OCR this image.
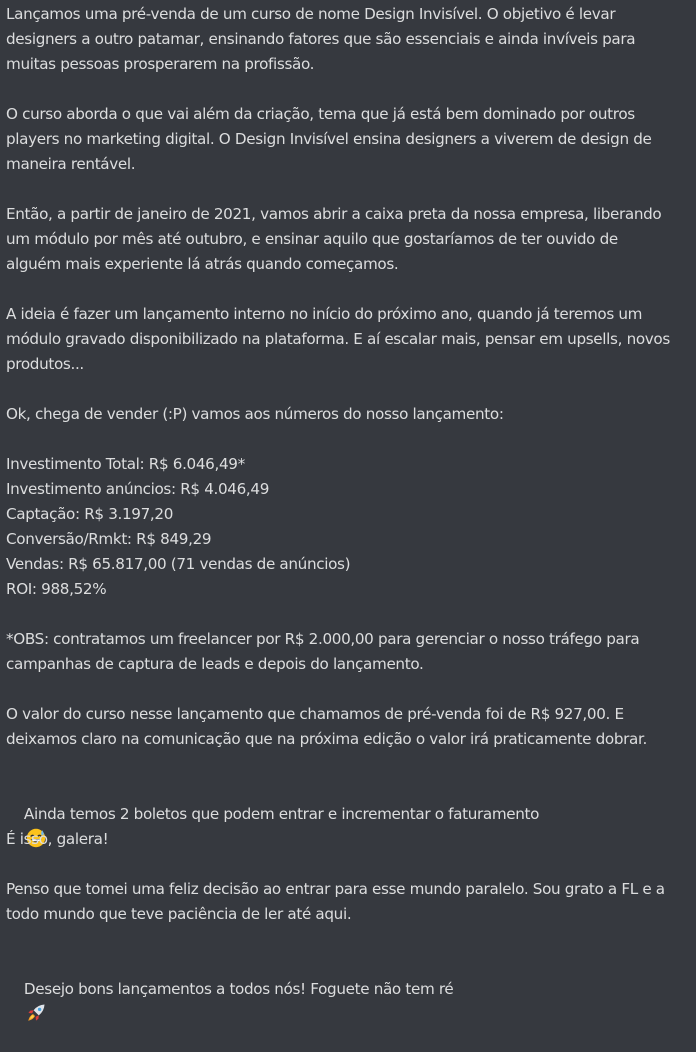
Lançamos uma pré-venda de um curso de nome Design Invisível. O objetivo é levar
designers a outro patamar, ensinando fatores que são essenciais e ainda invíveis para
muitas pessoas prosperarem na profissão.
O curso aborda o que vai além da criação, tema que já está bem dominado por outros
players no marketing digital. O Design Invisível ensina designers a viverem de design de
maneira rentável.
Então, a partir de janeiro de 2021, vamos abrir a caixa preta da nossa empresa, liberando
um módulo por mês até outubro, e ensinar aquilo que gostaríamos de ter ouvido de
alguém mais experiente lá atrás quando começamos.
A ideia é fazer um lançamento interno no início do próximo ano, quando já teremos um
módulo gravado disponibilizado na plataforma. E aí escalar mais, pensar em upsells, novos
produtos...
Ok, chega de vender (:P) vamos aos números do nosso lançamento:
Investimento Total: R$ 6.046,49*
Investimento anúncios: R$ 4.046,49
Captação: R$ 3.197,20
Conversão/Rmkt: R$ 849,29
Vendas: R$ 65.817,00 (71 vendas de anúncios)
ROI: 988,52%
*OBS: contratamos um freelancer por R$ 2.000,00 para gerenciar o nosso tráfego para
campanhas de captura de leads e depois do lançamento.
O valor do curso nesse lançamento que chamamos de pré-venda foi de R$ 927,00. E
deixamos claro na comunicação que na próxima edição o valor irá praticamente dobrar.

Ainda temos 2 boletos que podem entrar e incrementar o faturamento

É isso, galera!
Penso que tomei uma feliz decisão ao entrar para esse mundo paralelo. Sou grato a FL e a
todo mundo que teve paciência de ler até aqui.

Desejo bons lançamentos a todos nós! Foguete não tem ré
